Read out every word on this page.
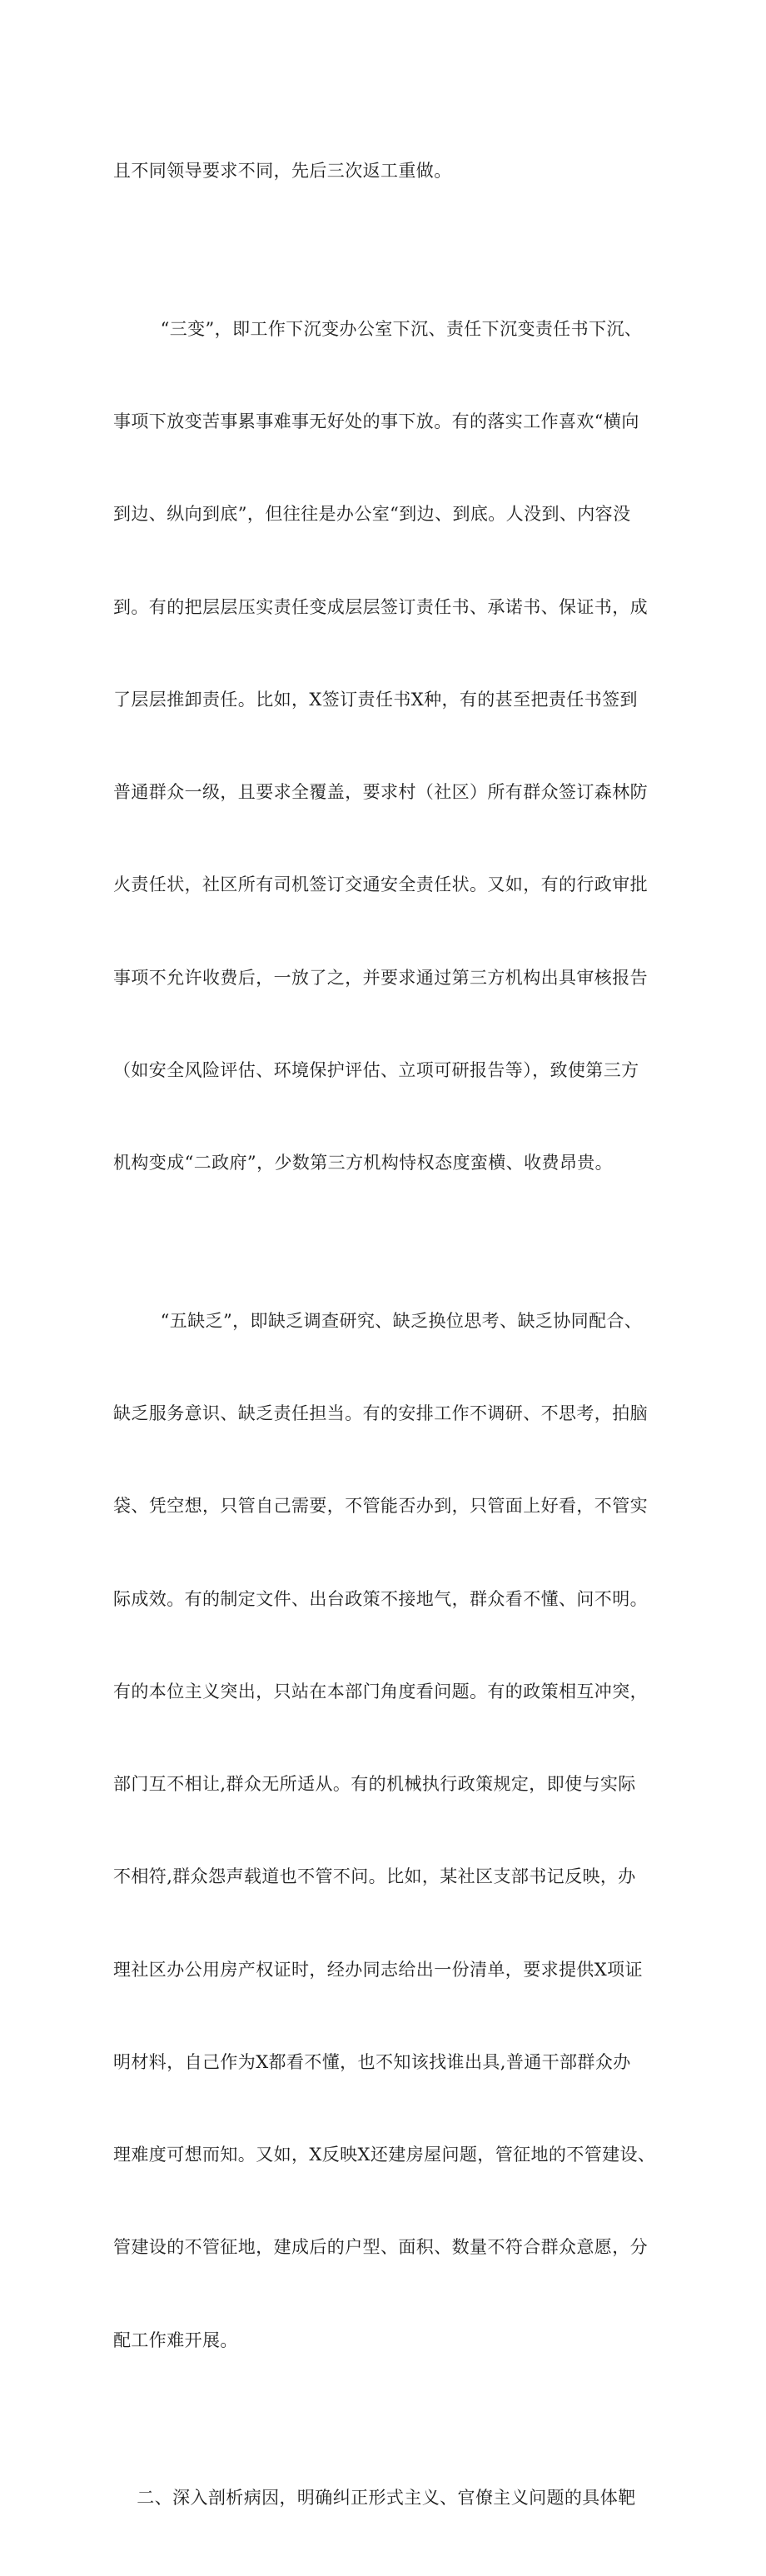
且不同领导要求不同，先后三次返工重做。

“三变”，即工作下沉变办公室下沉、责任下沉变责任书下沉、

事项下放变苦事累事难事无好处的事下放。有的落实工作喜欢“横向

到边、纵向到底”，但往往是办公室“到边、到底。人没到、内容没

到。有的把层层压实责任变成层层签订责任书、承诺书、保证书，成

了层层推卸责任。比如，X签订责任书X种，有的甚至把责任书签到

普通群众一级，且要求全覆盖，要求村（社区）所有群众签订森林防

火责任状，社区所有司机签订交通安全责任状。又如，有的行政审批

事项不允许收费后，一放了之，并要求通过第三方机构出具审核报告

（如安全风险评估、环境保护评估、立项可研报告等），致使第三方

机构变成“二政府”，少数第三方机构恃权态度蛮横、收费昂贵。

“五缺乏”，即缺乏调查研究、缺乏换位思考、缺乏协同配合、

缺乏服务意识、缺乏责任担当。有的安排工作不调研、不思考，拍脑

袋、凭空想，只管自己需要，不管能否办到，只管面上好看，不管实

际成效。有的制定文件、出台政策不接地气，群众看不懂、问不明。

有的本位主义突出，只站在本部门角度看问题。有的政策相互冲突，

部门互不相让,群众无所适从。有的机械执行政策规定，即使与实际

不相符,群众怨声载道也不管不问。比如，某社区支部书记反映，办

理社区办公用房产权证时，经办同志给出一份清单，要求提供X项证

明材料，自己作为X都看不懂，也不知该找谁出具,普通干部群众办

理难度可想而知。又如，X反映X还建房屋问题，管征地的不管建设、

管建设的不管征地，建成后的户型、面积、数量不符合群众意愿，分

配工作难开展。

二、深入剖析病因，明确纠正形式主义、官僚主义问题的具体靶
